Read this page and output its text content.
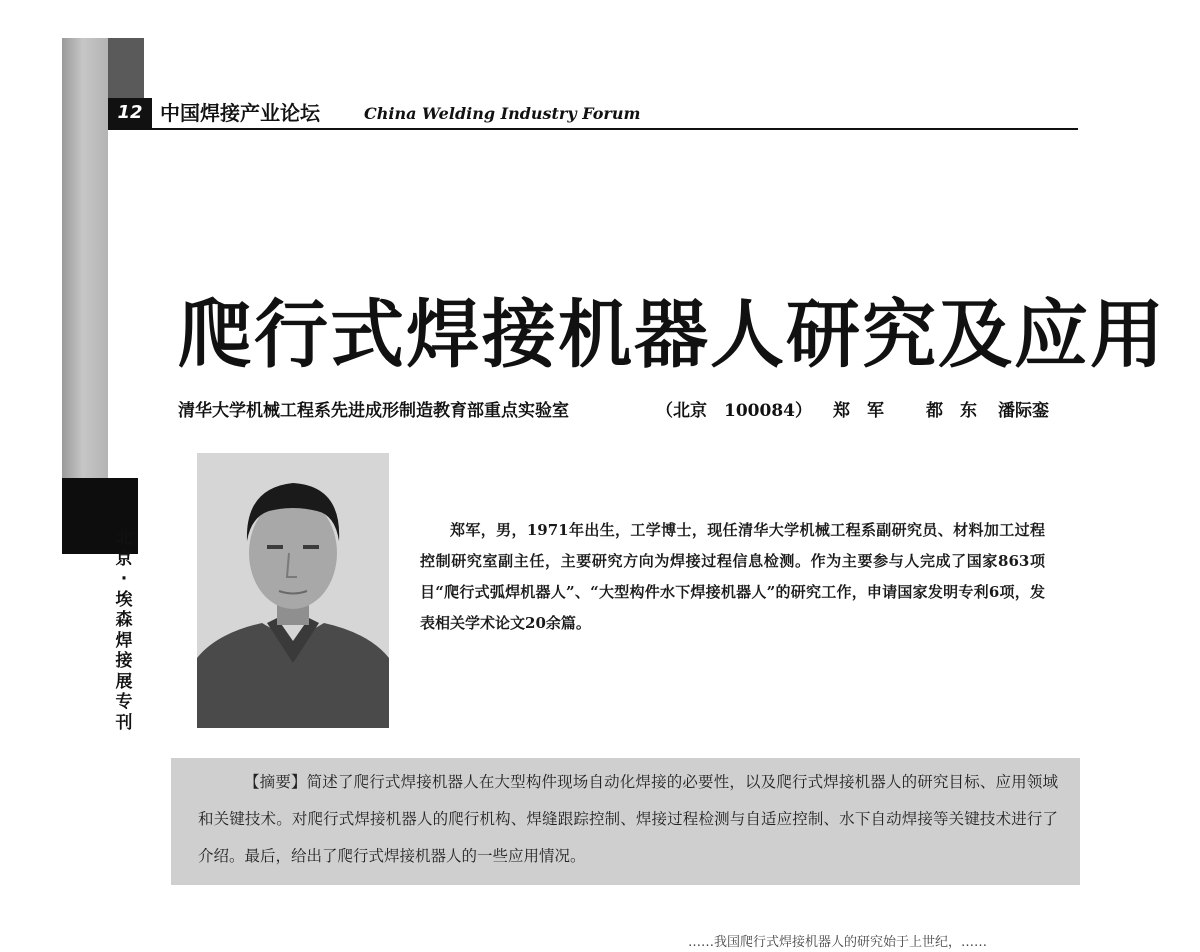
北
京
·
埃
森
焊
接
展
专
刊
12 中国焊接产业论坛	China Welding Industry Forum
爬行式焊接机器人研究及应用
清华大学机械工程系先进成形制造教育部重点实验室	（北京　100084） 郑　军 都　东 潘际銮
郑军，男，1971年出生，工学博士，现任清华大学机械工程系副研究员、材料加工过程控制研究室副主任，主要研究方向为焊接过程信息检测。作为主要参与人完成了国家863项目“爬行式弧焊机器人”、“大型构件水下焊接机器人”的研究工作，申请国家发明专利6项，发表相关学术论文20余篇。
【摘要】简述了爬行式焊接机器人在大型构件现场自动化焊接的必要性，以及爬行式焊接机器人的研究目标、应用领域和关键技术。对爬行式焊接机器人的爬行机构、焊缝跟踪控制、焊接过程检测与自适应控制、水下自动焊接等关键技术进行了介绍。最后，给出了爬行式焊接机器人的一些应用情况。
……我国爬行式焊接机器人的研究始于上世纪，……
